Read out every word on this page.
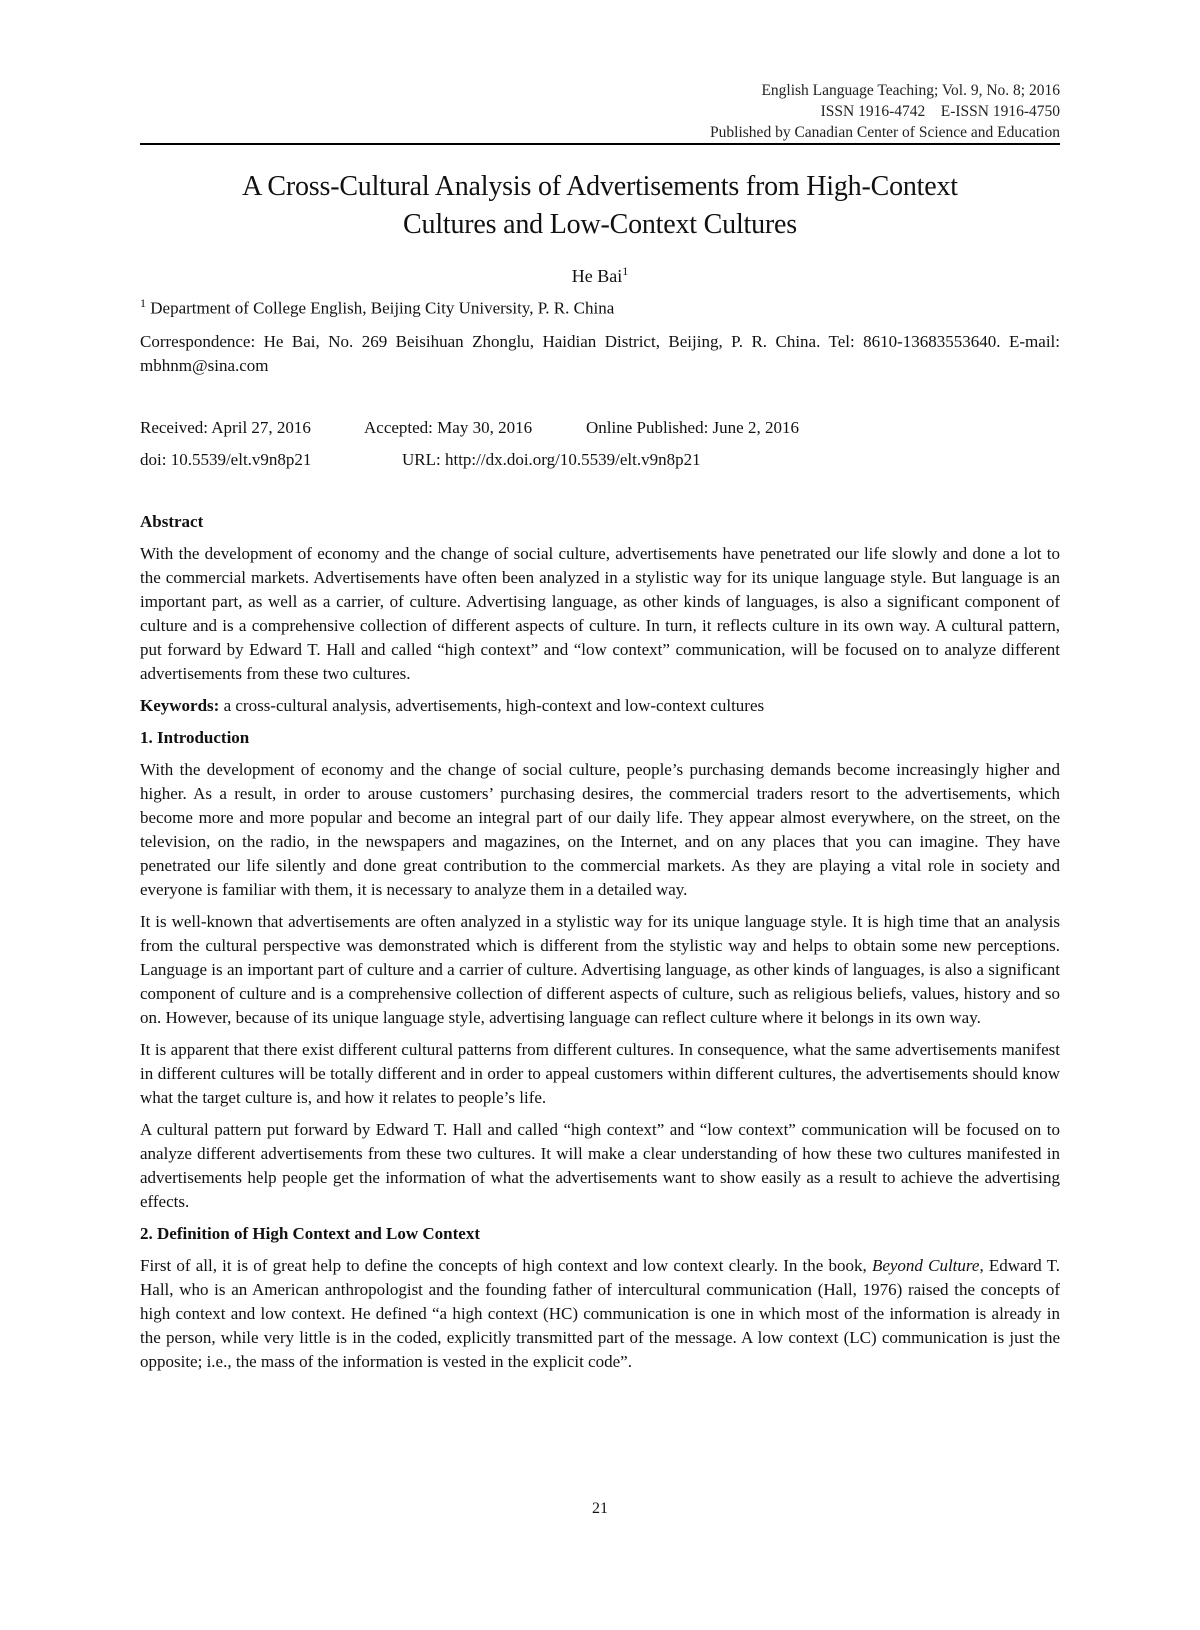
English Language Teaching; Vol. 9, No. 8; 2016
ISSN 1916-4742    E-ISSN 1916-4750
Published by Canadian Center of Science and Education
A Cross-Cultural Analysis of Advertisements from High-Context
Cultures and Low-Context Cultures
He Bai$^1$
$^1$ Department of College English, Beijing City University, P. R. China
Correspondence: He Bai, No. 269 Beisihuan Zhonglu, Haidian District, Beijing, P. R. China. Tel: 8610-13683553640. E-mail: mbhnm@sina.com
Received: April 27, 2016	Accepted: May 30, 2016	Online Published: June 2, 2016
doi: 10.5539/elt.v9n8p21	URL: http://dx.doi.org/10.5539/elt.v9n8p21
Abstract

With the development of economy and the change of social culture, advertisements have penetrated our life slowly and done a lot to the commercial markets. Advertisements have often been analyzed in a stylistic way for its unique language style. But language is an important part, as well as a carrier, of culture. Advertising language, as other kinds of languages, is also a significant component of culture and is a comprehensive collection of different aspects of culture. In turn, it reflects culture in its own way. A cultural pattern, put forward by Edward T. Hall and called “high context” and “low context” communication, will be focused on to analyze different advertisements from these two cultures.

Keywords: a cross-cultural analysis, advertisements, high-context and low-context cultures

1. Introduction

With the development of economy and the change of social culture, people’s purchasing demands become increasingly higher and higher. As a result, in order to arouse customers’ purchasing desires, the commercial traders resort to the advertisements, which become more and more popular and become an integral part of our daily life. They appear almost everywhere, on the street, on the television, on the radio, in the newspapers and magazines, on the Internet, and on any places that you can imagine. They have penetrated our life silently and done great contribution to the commercial markets. As they are playing a vital role in society and everyone is familiar with them, it is necessary to analyze them in a detailed way.

It is well-known that advertisements are often analyzed in a stylistic way for its unique language style. It is high time that an analysis from the cultural perspective was demonstrated which is different from the stylistic way and helps to obtain some new perceptions. Language is an important part of culture and a carrier of culture. Advertising language, as other kinds of languages, is also a significant component of culture and is a comprehensive collection of different aspects of culture, such as religious beliefs, values, history and so on. However, because of its unique language style, advertising language can reflect culture where it belongs in its own way.

It is apparent that there exist different cultural patterns from different cultures. In consequence, what the same advertisements manifest in different cultures will be totally different and in order to appeal customers within different cultures, the advertisements should know what the target culture is, and how it relates to people’s life.

A cultural pattern put forward by Edward T. Hall and called “high context” and “low context” communication will be focused on to analyze different advertisements from these two cultures. It will make a clear understanding of how these two cultures manifested in advertisements help people get the information of what the advertisements want to show easily as a result to achieve the advertising effects.

2. Definition of High Context and Low Context

First of all, it is of great help to define the concepts of high context and low context clearly. In the book, Beyond Culture, Edward T. Hall, who is an American anthropologist and the founding father of intercultural communication (Hall, 1976) raised the concepts of high context and low context. He defined “a high context (HC) communication is one in which most of the information is already in the person, while very little is in the coded, explicitly transmitted part of the message. A low context (LC) communication is just the opposite; i.e., the mass of the information is vested in the explicit code”.

21
